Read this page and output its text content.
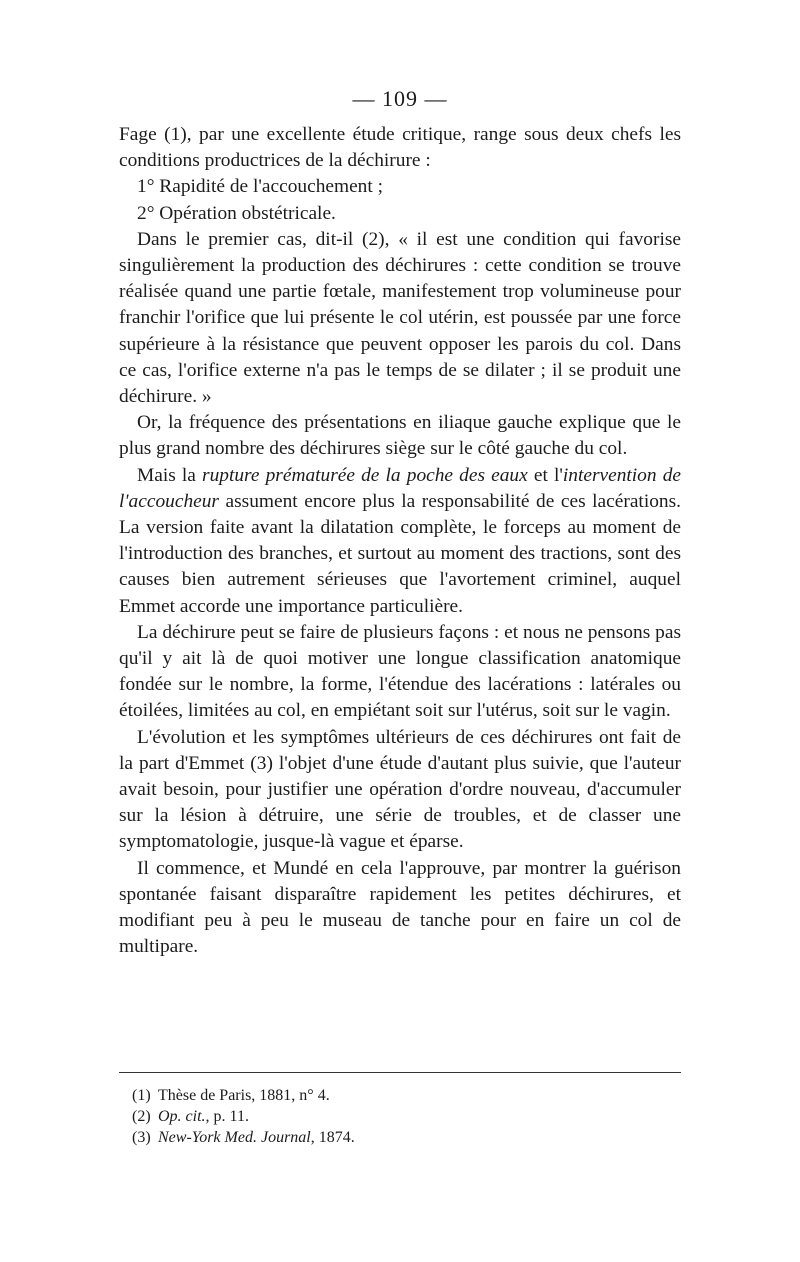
— 109 —

Fage (1), par une excellente étude critique, range sous deux chefs les conditions productrices de la déchirure :

1° Rapidité de l'accouchement ;

2° Opération obstétricale.

Dans le premier cas, dit-il (2), « il est une condition qui favorise singulièrement la production des déchirures : cette condition se trouve réalisée quand une partie fœtale, manifestement trop volumineuse pour franchir l'orifice que lui présente le col utérin, est poussée par une force supérieure à la résistance que peuvent opposer les parois du col. Dans ce cas, l'orifice externe n'a pas le temps de se dilater ; il se produit une déchirure. »

Or, la fréquence des présentations en iliaque gauche explique que le plus grand nombre des déchirures siège sur le côté gauche du col.

Mais la rupture prématurée de la poche des eaux et l'intervention de l'accoucheur assument encore plus la responsabilité de ces lacérations. La version faite avant la dilatation complète, le forceps au moment de l'introduction des branches, et surtout au moment des tractions, sont des causes bien autrement sérieuses que l'avortement criminel, auquel Emmet accorde une importance particulière.

La déchirure peut se faire de plusieurs façons : et nous ne pensons pas qu'il y ait là de quoi motiver une longue classification anatomique fondée sur le nombre, la forme, l'étendue des lacérations : latérales ou étoilées, limitées au col, en empiétant soit sur l'utérus, soit sur le vagin.

L'évolution et les symptômes ultérieurs de ces déchirures ont fait de la part d'Emmet (3) l'objet d'une étude d'autant plus suivie, que l'auteur avait besoin, pour justifier une opération d'ordre nouveau, d'accumuler sur la lésion à détruire, une série de troubles, et de classer une symptomatologie, jusque-là vague et éparse.

Il commence, et Mundé en cela l'approuve, par montrer la guérison spontanée faisant disparaître rapidement les petites déchirures, et modifiant peu à peu le museau de tanche pour en faire un col de multipare.

(1) Thèse de Paris, 1881, n° 4.

(2) Op. cit., p. 11.

(3) New-York Med. Journal, 1874.
